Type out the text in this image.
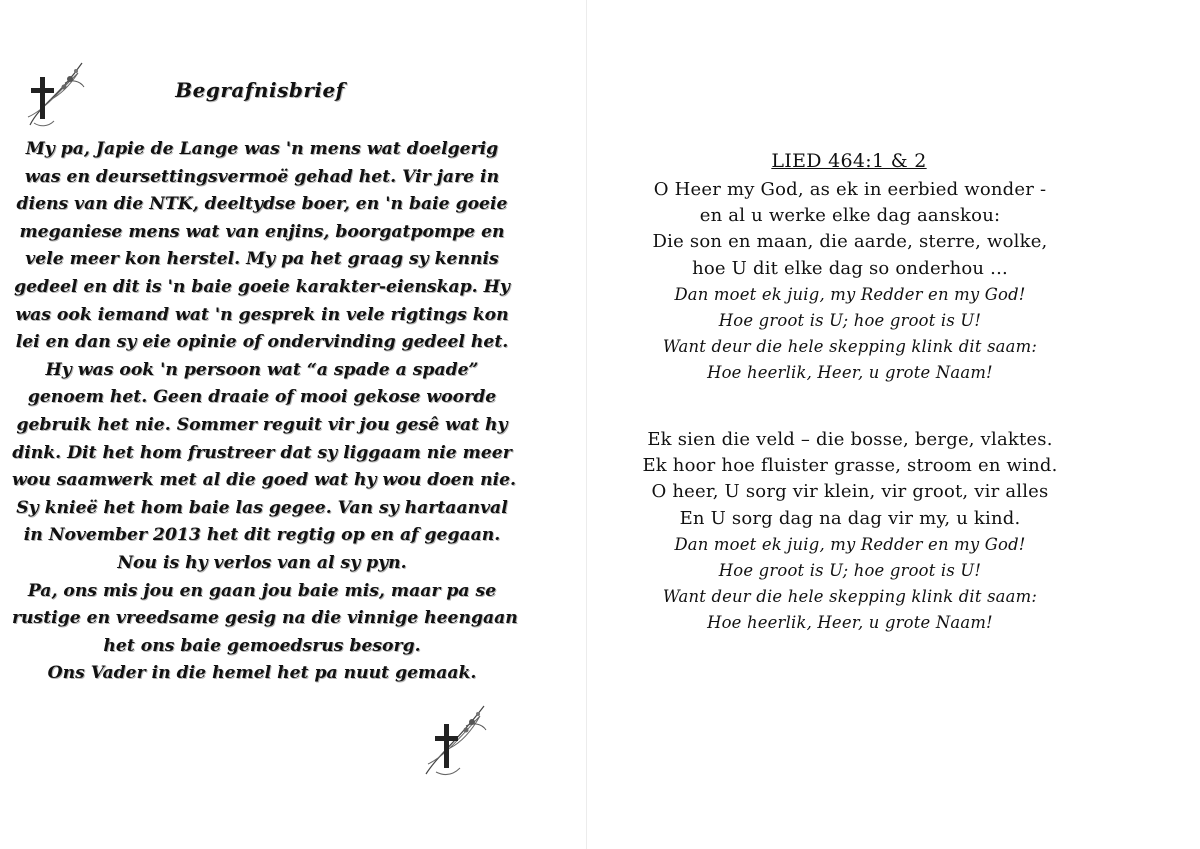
Begrafnisbrief
My pa, Japie de Lange was 'n mens wat doelgerig
was en deursettingsvermoë gehad het. Vir jare in
diens van die NTK, deeltydse boer, en 'n baie goeie
meganiese mens wat van enjins, boorgatpompe en
vele meer kon herstel. My pa het graag sy kennis
gedeel en dit is 'n baie goeie karakter-eienskap. Hy
was ook iemand wat 'n gesprek in vele rigtings kon
lei en dan sy eie opinie of ondervinding gedeel het.
Hy was ook 'n persoon wat “a spade a spade”
genoem het. Geen draaie of mooi gekose woorde
gebruik het nie. Sommer reguit vir jou gesê wat hy
dink. Dit het hom frustreer dat sy liggaam nie meer
wou saamwerk met al die goed wat hy wou doen nie.
Sy knieë het hom baie las gegee. Van sy hartaanval
in November 2013 het dit regtig op en af gegaan.
Nou is hy verlos van al sy pyn.
Pa, ons mis jou en gaan jou baie mis, maar pa se
rustige en vreedsame gesig na die vinnige heengaan
het ons baie gemoedsrus besorg.
Ons Vader in die hemel het pa nuut gemaak.
LIED 464:1 & 2
O Heer my God, as ek in eerbied wonder -
en al u werke elke dag aanskou:
Die son en maan, die aarde, sterre, wolke,
hoe U dit elke dag so onderhou ...
Dan moet ek juig, my Redder en my God!
Hoe groot is U; hoe groot is U!
Want deur die hele skepping klink dit saam:
Hoe heerlik, Heer, u grote Naam!
Ek sien die veld – die bosse, berge, vlaktes.
Ek hoor hoe fluister grasse, stroom en wind.
O heer, U sorg vir klein, vir groot, vir alles
En U sorg dag na dag vir my, u kind.
Dan moet ek juig, my Redder en my God!
Hoe groot is U; hoe groot is U!
Want deur die hele skepping klink dit saam:
Hoe heerlik, Heer, u grote Naam!
